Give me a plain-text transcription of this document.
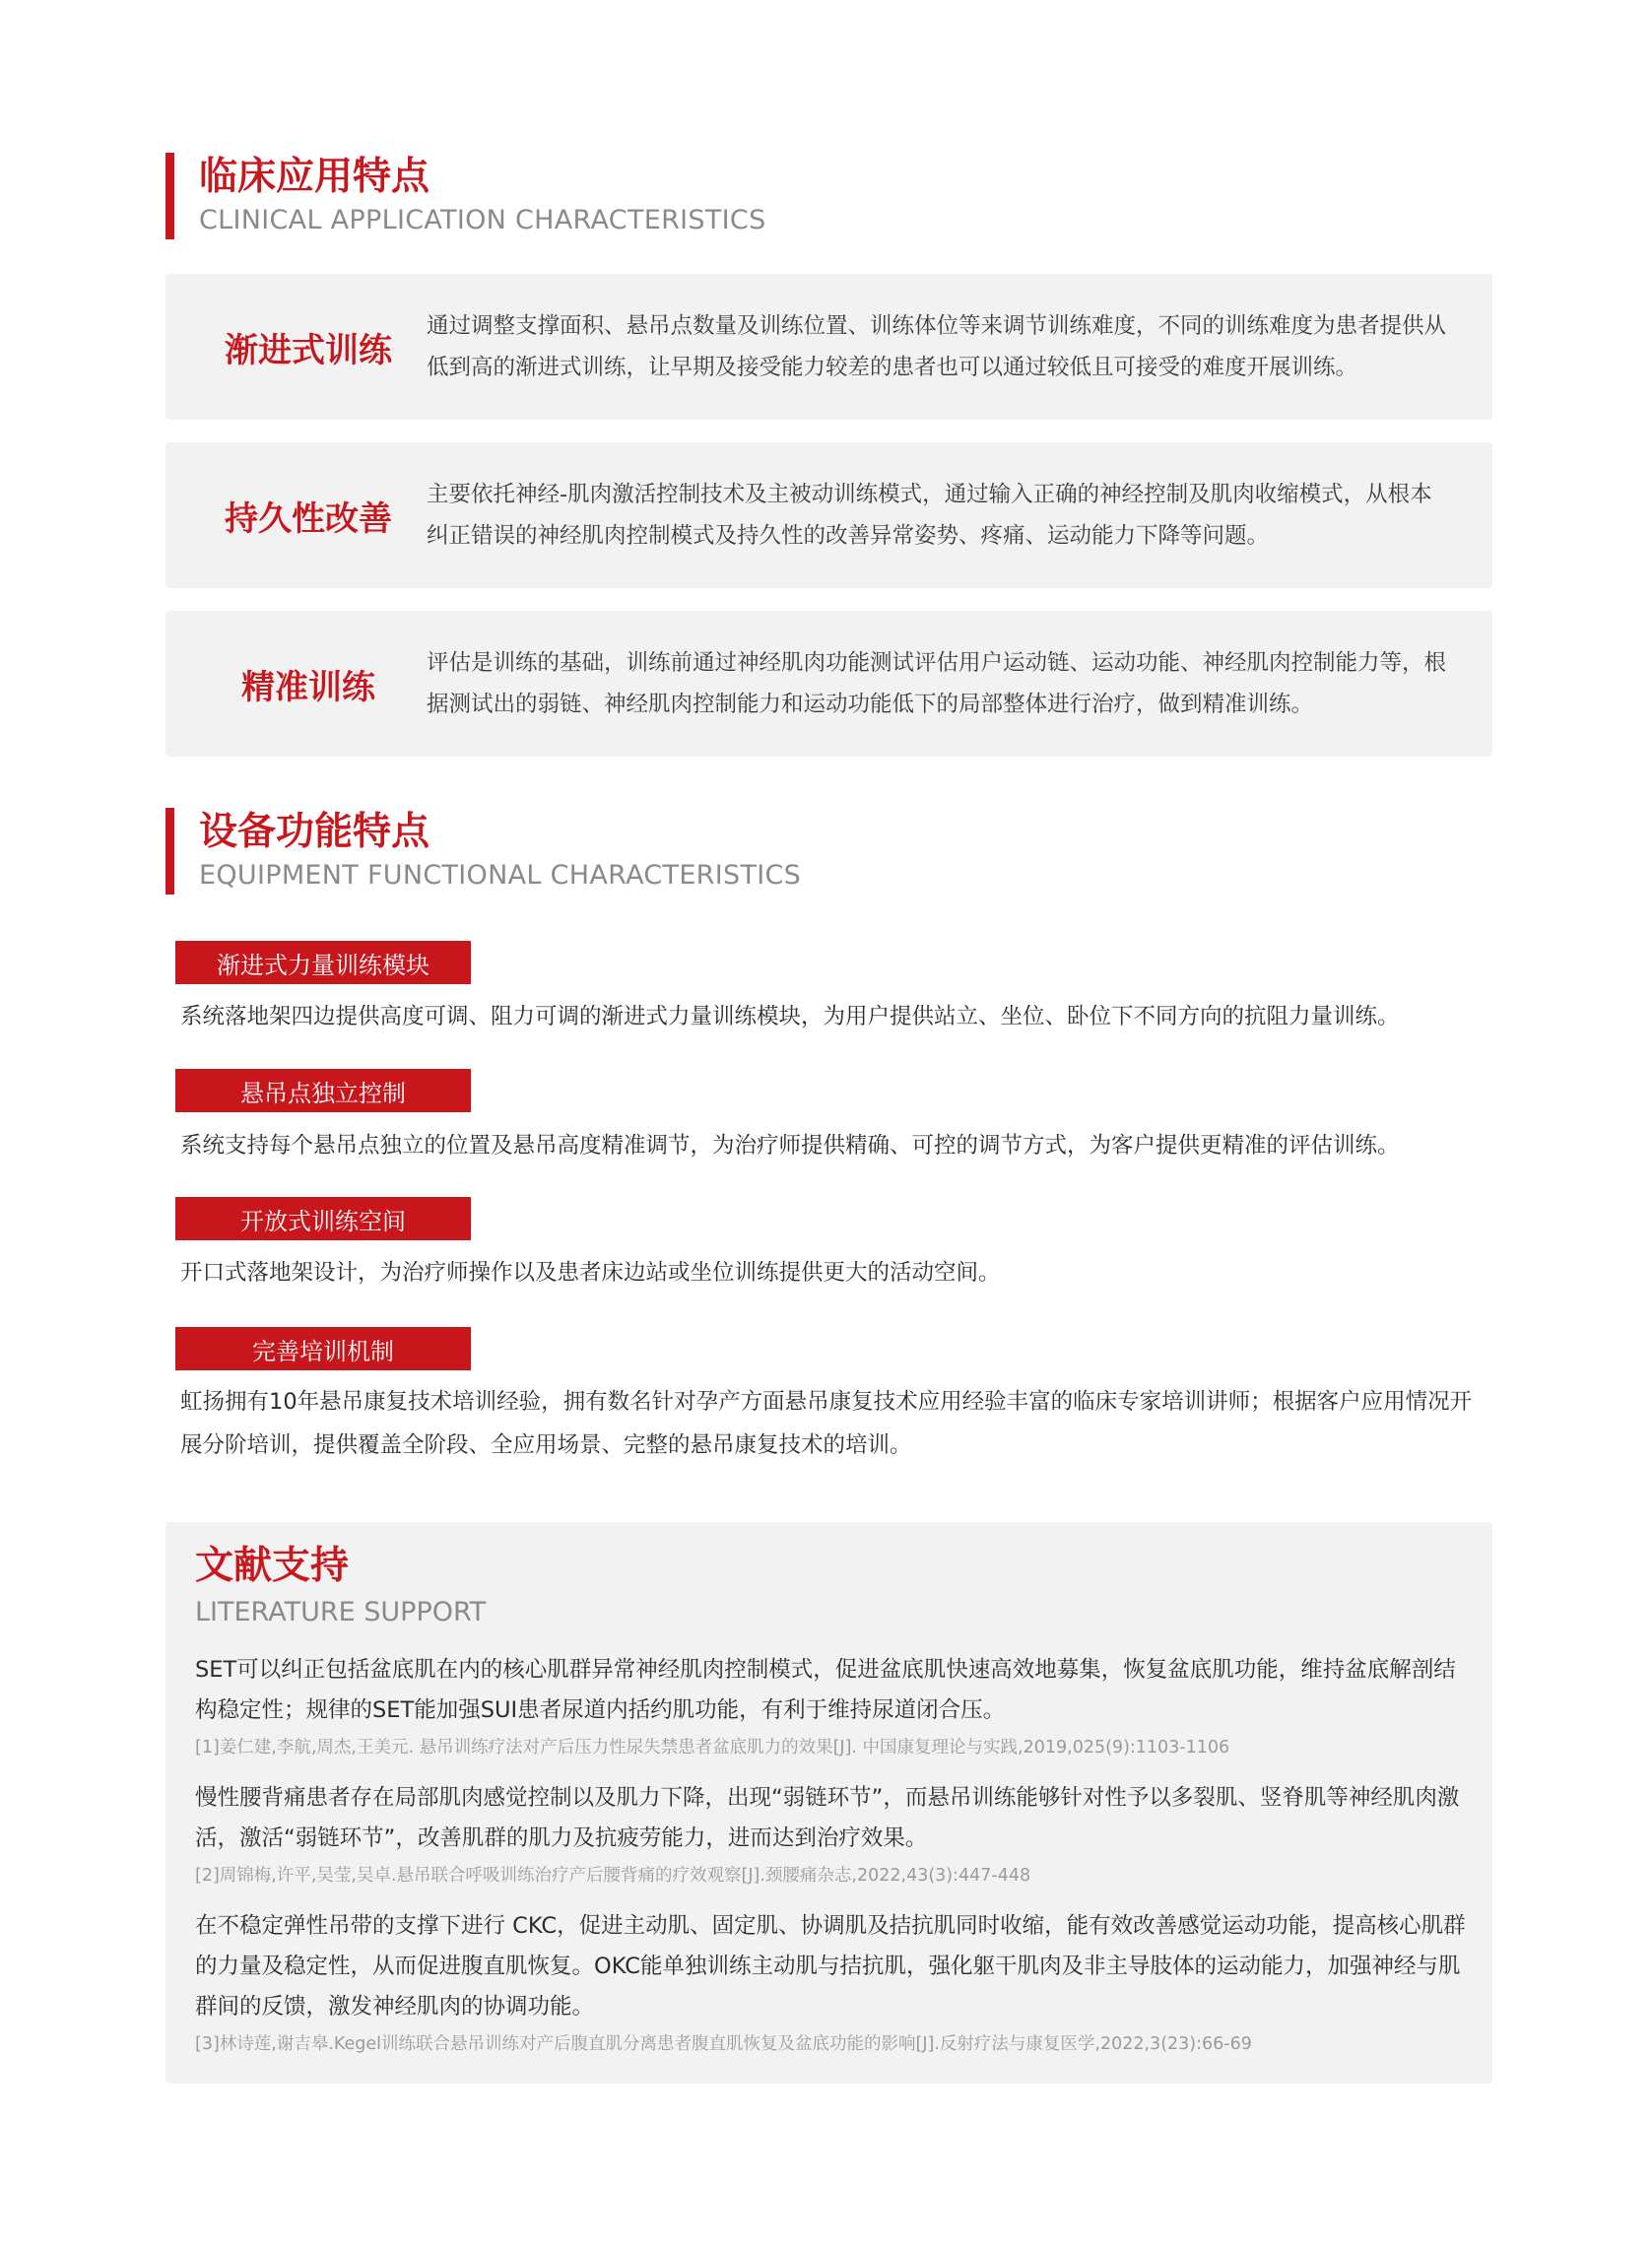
临床应用特点

CLINICAL APPLICATION CHARACTERISTICS

渐进式训练
通过调整支撑面积、悬吊点数量及训练位置、训练体位等来调节训练难度，不同的训练难度为患者提供从低到高的渐进式训练，让早期及接受能力较差的患者也可以通过较低且可接受的难度开展训练。
持久性改善
主要依托神经-肌肉激活控制技术及主被动训练模式，通过输入正确的神经控制及肌肉收缩模式，从根本纠正错误的神经肌肉控制模式及持久性的改善异常姿势、疼痛、运动能力下降等问题。
精准训练
评估是训练的基础，训练前通过神经肌肉功能测试评估用户运动链、运动功能、神经肌肉控制能力等，根据测试出的弱链、神经肌肉控制能力和运动功能低下的局部整体进行治疗，做到精准训练。

设备功能特点

EQUIPMENT FUNCTIONAL CHARACTERISTICS

渐进式力量训练模块
系统落地架四边提供高度可调、阻力可调的渐进式力量训练模块，为用户提供站立、坐位、卧位下不同方向的抗阻力量训练。
悬吊点独立控制
系统支持每个悬吊点独立的位置及悬吊高度精准调节，为治疗师提供精确、可控的调节方式，为客户提供更精准的评估训练。
开放式训练空间
开口式落地架设计，为治疗师操作以及患者床边站或坐位训练提供更大的活动空间。
完善培训机制
虹扬拥有10年悬吊康复技术培训经验，拥有数名针对孕产方面悬吊康复技术应用经验丰富的临床专家培训讲师；根据客户应用情况开展分阶培训，提供覆盖全阶段、全应用场景、完整的悬吊康复技术的培训。

文献支持

LITERATURE SUPPORT

SET可以纠正包括盆底肌在内的核心肌群异常神经肌肉控制模式，促进盆底肌快速高效地募集，恢复盆底肌功能，维持盆底解剖结构稳定性；规律的SET能加强SUI患者尿道内括约肌功能，有利于维持尿道闭合压。

[1]姜仁建,李航,周杰,王美元. 悬吊训练疗法对产后压力性尿失禁患者盆底肌力的效果[J]. 中国康复理论与实践,2019,025(9):1103-1106

慢性腰背痛患者存在局部肌肉感觉控制以及肌力下降，出现“弱链环节”，而悬吊训练能够针对性予以多裂肌、竖脊肌等神经肌肉激活，激活“弱链环节”，改善肌群的肌力及抗疲劳能力，进而达到治疗效果。

[2]周锦梅,许平,吴莹,吴卓.悬吊联合呼吸训练治疗产后腰背痛的疗效观察[J].颈腰痛杂志,2022,43(3):447-448

在不稳定弹性吊带的支撑下进行 CKC，促进主动肌、固定肌、协调肌及拮抗肌同时收缩，能有效改善感觉运动功能，提高核心肌群的力量及稳定性，从而促进腹直肌恢复。OKC能单独训练主动肌与拮抗肌，强化躯干肌肉及非主导肢体的运动能力，加强神经与肌群间的反馈，激发神经肌肉的协调功能。

[3]林诗莲,谢吉皋.Kegel训练联合悬吊训练对产后腹直肌分离患者腹直肌恢复及盆底功能的影响[J].反射疗法与康复医学,2022,3(23):66-69
